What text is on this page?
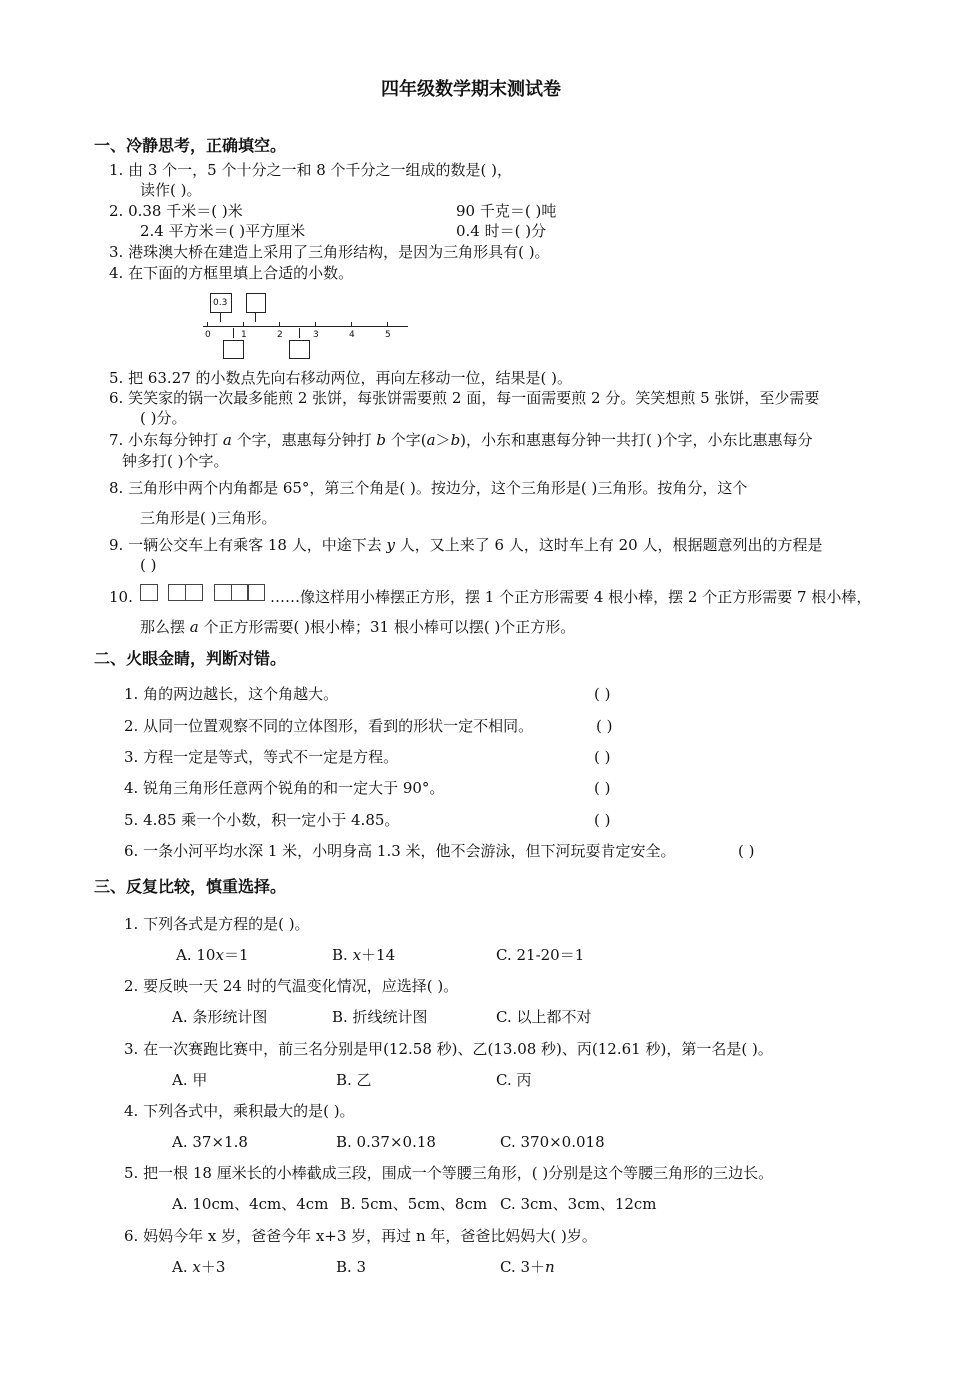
四年级数学期末测试卷
一、冷静思考，正确填空。
1. 由 3 个一，5 个十分之一和 8 个千分之一组成的数是( )，
读作( )。
2. 0.38 千米＝( )米	90 千克＝( )吨
2.4 平方米＝( )平方厘米	0.4 时＝( )分
3. 港珠澳大桥在建造上采用了三角形结构，是因为三角形具有( )。
4. 在下面的方框里填上合适的小数。
0.3
0	1	2	3	4	5
5. 把 63.27 的小数点先向右移动两位，再向左移动一位，结果是( )。
6. 笑笑家的锅一次最多能煎 2 张饼，每张饼需要煎 2 面，每一面需要煎 2 分。笑笑想煎 5 张饼，至少需要
( )分。
7. 小东每分钟打 a 个字，惠惠每分钟打 b 个字(a＞b)，小东和惠惠每分钟一共打( )个字，小东比惠惠每分
钟多打( )个字。
8. 三角形中两个内角都是 65°，第三个角是( )。按边分，这个三角形是( )三角形。按角分，这个
三角形是( )三角形。
9. 一辆公交车上有乘客 18 人，中途下去 y 人，又上来了 6 人，这时车上有 20 人，根据题意列出的方程是
( )
10.	……像这样用小棒摆正方形，摆 1 个正方形需要 4 根小棒，摆 2 个正方形需要 7 根小棒，
那么摆 a 个正方形需要( )根小棒；31 根小棒可以摆( )个正方形。
二、火眼金睛，判断对错。
1. 角的两边越长，这个角越大。	( )
2. 从同一位置观察不同的立体图形，看到的形状一定不相同。	( )
3. 方程一定是等式，等式不一定是方程。	( )
4. 锐角三角形任意两个锐角的和一定大于 90°。	( )
5. 4.85 乘一个小数，积一定小于 4.85。	( )
6. 一条小河平均水深 1 米，小明身高 1.3 米，他不会游泳，但下河玩耍肯定安全。	( )
三、反复比较，慎重选择。
1. 下列各式是方程的是( )。
A. 10x＝1	B. x＋14	C. 21-20＝1
2. 要反映一天 24 时的气温变化情况，应选择( )。
A. 条形统计图	B. 折线统计图	C. 以上都不对
3. 在一次赛跑比赛中，前三名分别是甲(12.58 秒)、乙(13.08 秒)、丙(12.61 秒)，第一名是( )。
A. 甲	B. 乙	C. 丙
4. 下列各式中，乘积最大的是( )。
A. 37×1.8	B. 0.37×0.18	C. 370×0.018
5. 把一根 18 厘米长的小棒截成三段，围成一个等腰三角形，( )分别是这个等腰三角形的三边长。
A. 10cm、4cm、4cm B. 5cm、5cm、8cm C. 3cm、3cm、12cm
6. 妈妈今年 x 岁，爸爸今年 x+3 岁，再过 n 年，爸爸比妈妈大( )岁。
A. x＋3	B. 3	C. 3＋n
